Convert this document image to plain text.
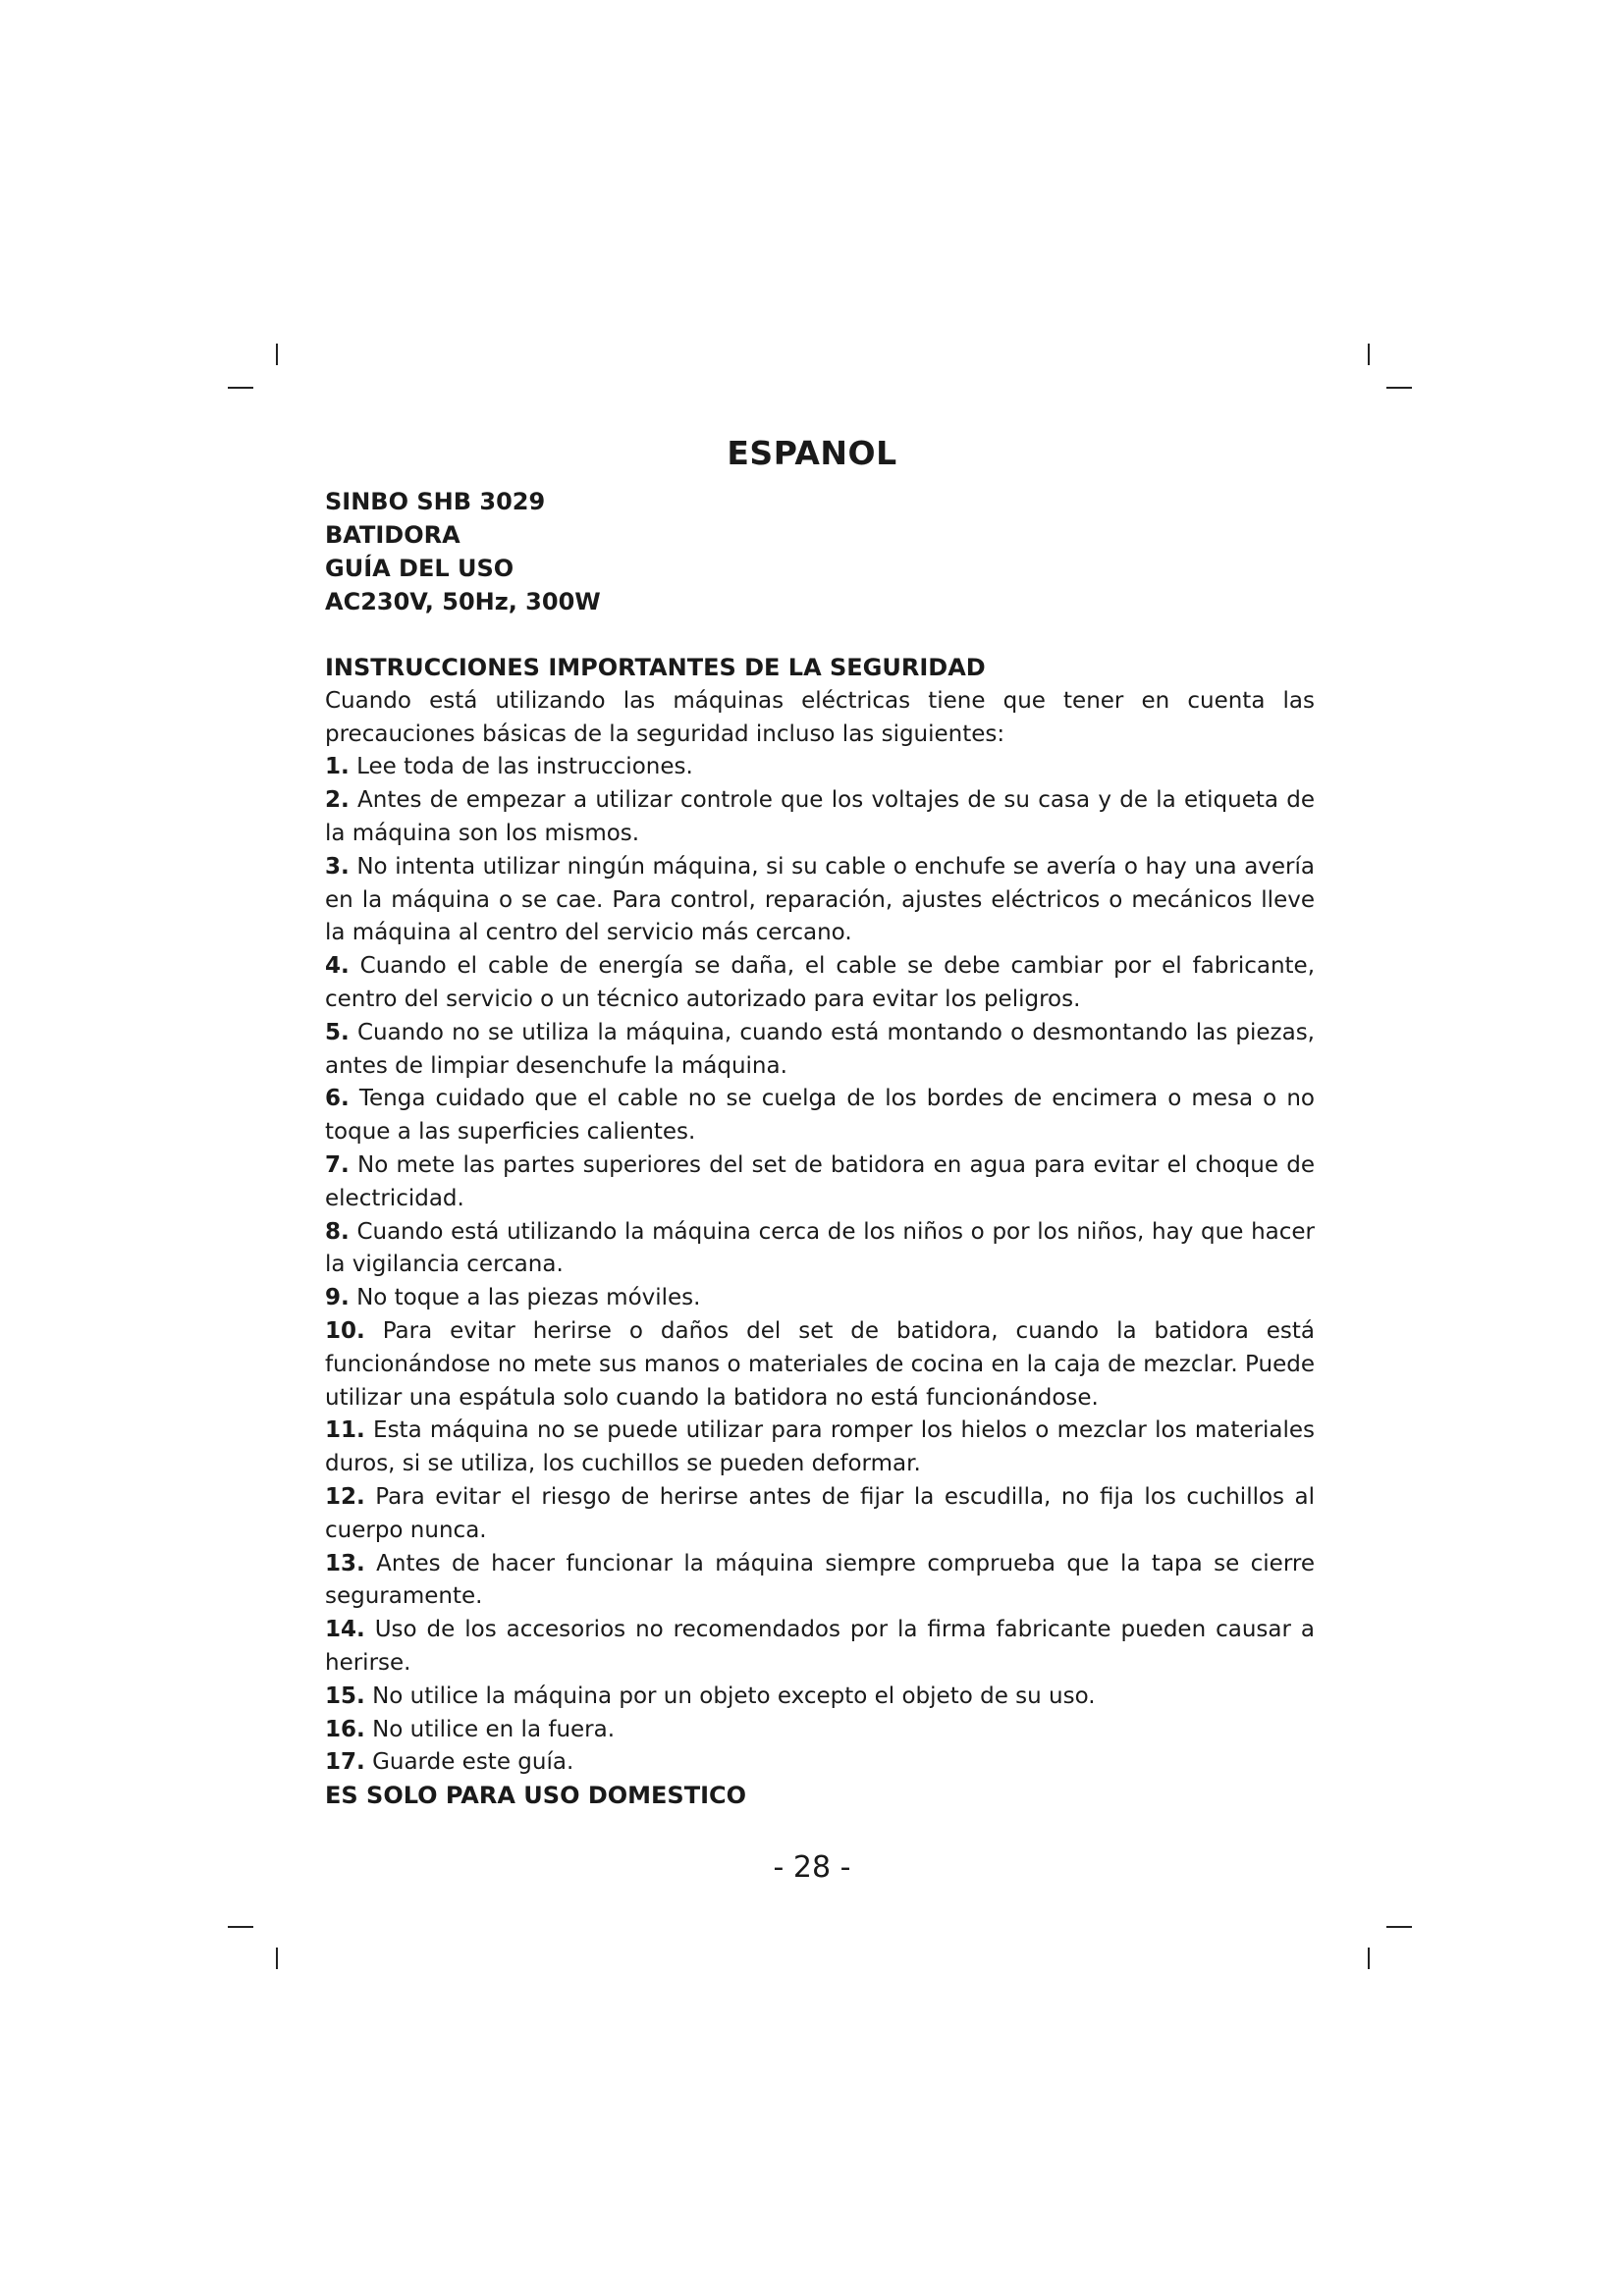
ESPANOL
SINBO SHB 3029
BATIDORA
GUÍA DEL USO
AC230V, 50Hz, 300W
INSTRUCCIONES IMPORTANTES DE LA SEGURIDAD
Cuando está utilizando las máquinas eléctricas tiene que tener en cuenta las precauciones básicas de la seguridad incluso las siguientes:
1. Lee toda de las instrucciones.
2. Antes de empezar a utilizar controle que los voltajes de su casa y de la etiqueta de la máquina son los mismos.
3. No intenta utilizar ningún máquina, si su cable o enchufe se avería o hay una avería en la máquina o se cae. Para control, reparación, ajustes eléctricos o mecánicos lleve la máquina al centro del servicio más cercano.
4. Cuando el cable de energía se daña, el cable se debe cambiar por el fabricante, centro del servicio o un técnico autorizado para evitar los peligros.
5. Cuando no se utiliza la máquina, cuando está montando o desmontando las piezas, antes de limpiar desenchufe la máquina.
6. Tenga cuidado que el cable no se cuelga de los bordes de encimera o mesa o no toque a las superficies calientes.
7. No mete las partes superiores del set de batidora en agua para evitar el choque de electricidad.
8. Cuando está utilizando la máquina cerca de los niños o por los niños, hay que hacer la vigilancia cercana.
9. No toque a las piezas móviles.
10. Para evitar herirse o daños del set de batidora, cuando la batidora está funcionándose no mete sus manos o materiales de cocina en la caja de mezclar. Puede utilizar una espátula solo cuando la batidora no está funcionándose.
11. Esta máquina no se puede utilizar para romper los hielos o mezclar los materiales duros, si se utiliza, los cuchillos se pueden deformar.
12. Para evitar el riesgo de herirse antes de fijar la escudilla, no fija los cuchillos al cuerpo nunca.
13. Antes de hacer funcionar la máquina siempre comprueba que la tapa se cierre seguramente.
14. Uso de los accesorios no recomendados por la firma fabricante pueden causar a herirse.
15. No utilice la máquina por un objeto excepto el objeto de su uso.
16. No utilice en la fuera.
17. Guarde este guía.
ES SOLO PARA USO DOMESTICO
- 28 -
